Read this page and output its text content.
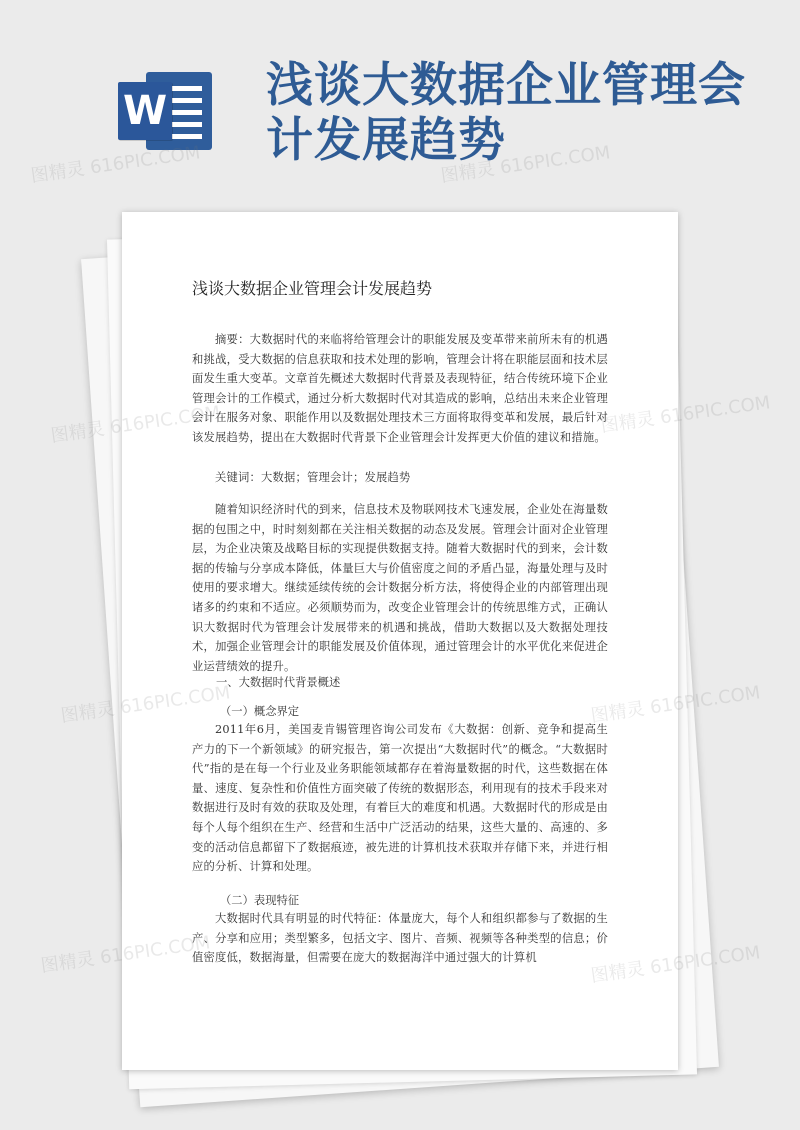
W 浅谈大数据企业管理会计发展趋势
浅谈大数据企业管理会计发展趋势

摘要：大数据时代的来临将给管理会计的职能发展及变革带来前所未有的机遇和挑战，受大数据的信息获取和技术处理的影响，管理会计将在职能层面和技术层面发生重大变革。文章首先概述大数据时代背景及表现特征，结合传统环境下企业管理会计的工作模式，通过分析大数据时代对其造成的影响，总结出未来企业管理会计在服务对象、职能作用以及数据处理技术三方面将取得变革和发展，最后针对该发展趋势，提出在大数据时代背景下企业管理会计发挥更大价值的建议和措施。

关键词：大数据；管理会计；发展趋势

随着知识经济时代的到来，信息技术及物联网技术飞速发展，企业处在海量数据的包围之中，时时刻刻都在关注相关数据的动态及发展。管理会计面对企业管理层，为企业决策及战略目标的实现提供数据支持。随着大数据时代的到来，会计数据的传输与分享成本降低，体量巨大与价值密度之间的矛盾凸显，海量处理与及时使用的要求增大。继续延续传统的会计数据分析方法，将使得企业的内部管理出现诸多的约束和不适应。必须顺势而为，改变企业管理会计的传统思维方式，正确认识大数据时代为管理会计发展带来的机遇和挑战，借助大数据以及大数据处理技术，加强企业管理会计的职能发展及价值体现，通过管理会计的水平优化来促进企业运营绩效的提升。

一、大数据时代背景概述

（一）概念界定

2011年6月，美国麦肯锡管理咨询公司发布《大数据：创新、竞争和提高生产力的下一个新领域》的研究报告，第一次提出“大数据时代”的概念。“大数据时代”指的是在每一个行业及业务职能领域都存在着海量数据的时代，这些数据在体量、速度、复杂性和价值性方面突破了传统的数据形态，利用现有的技术手段来对数据进行及时有效的获取及处理，有着巨大的难度和机遇。大数据时代的形成是由每个人每个组织在生产、经营和生活中广泛活动的结果，这些大量的、高速的、多变的活动信息都留下了数据痕迹，被先进的计算机技术获取并存储下来，并进行相应的分析、计算和处理。

（二）表现特征

大数据时代具有明显的时代特征：体量庞大，每个人和组织都参与了数据的生产、分享和应用；类型繁多，包括文字、图片、音频、视频等各种类型的信息；价值密度低，数据海量，但需要在庞大的数据海洋中通过强大的计算机

图精灵 616PIC.COM	图精灵 616PIC.COM
图精灵	图精灵 616PIC.COM
图精灵	616PIC.COM
图精灵
